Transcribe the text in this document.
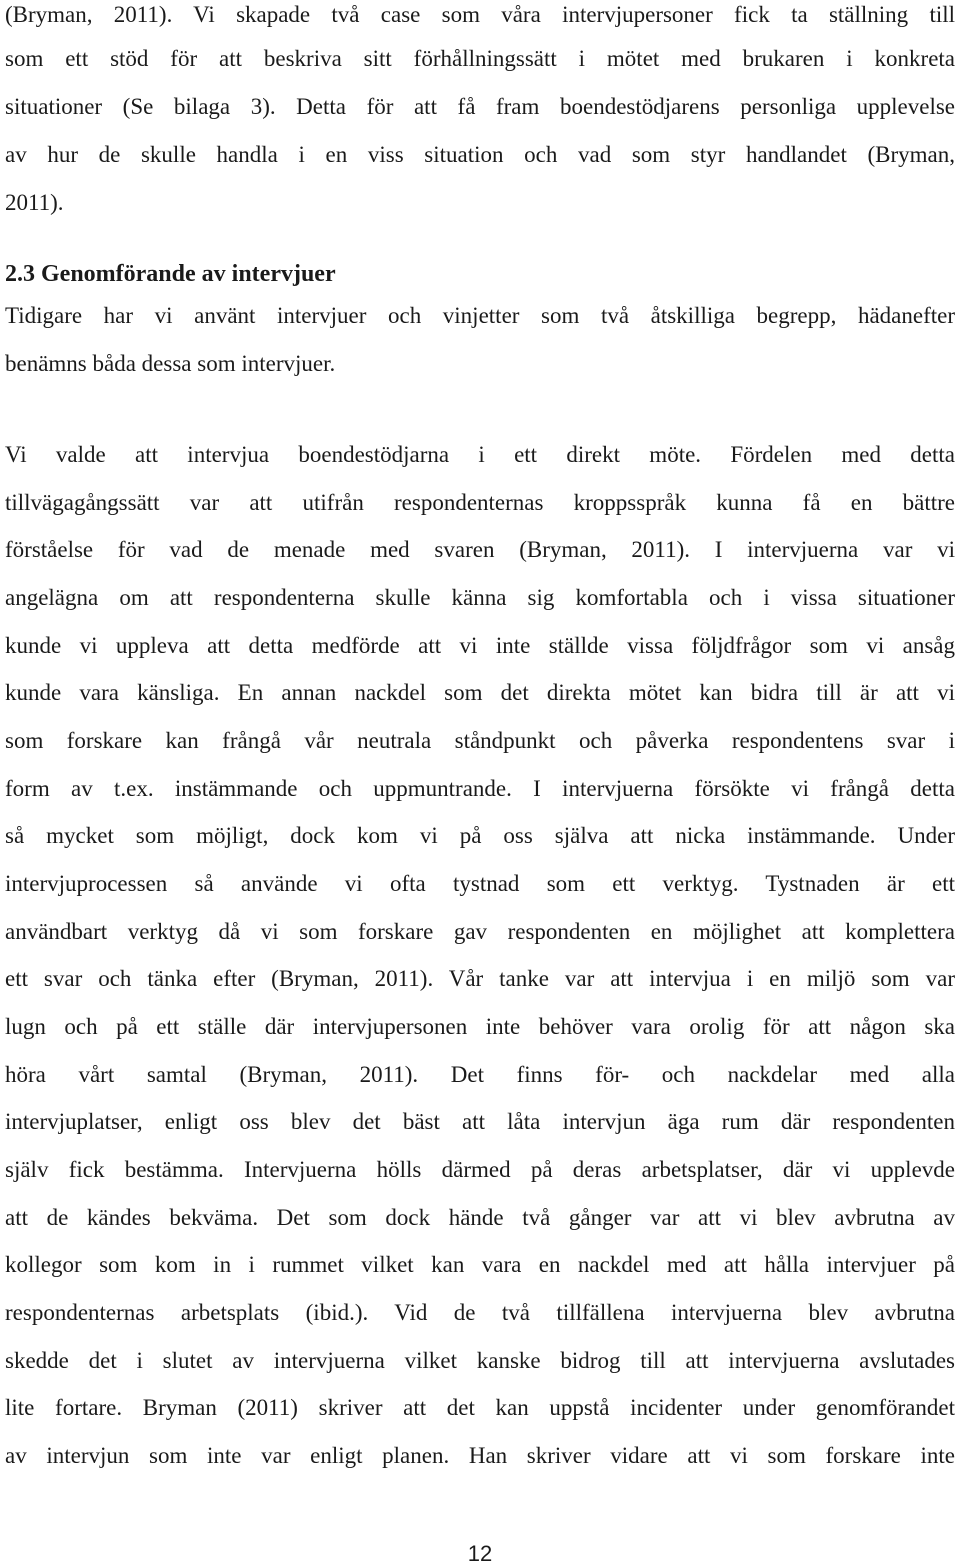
(Bryman, 2011). Vi skapade två case som våra intervjupersoner fick ta ställning till
som ett stöd för att beskriva sitt förhållningssätt i mötet med brukaren i konkreta
situationer (Se bilaga 3). Detta för att få fram boendestödjarens personliga upplevelse
av hur de skulle handla i en viss situation och vad som styr handlandet (Bryman,
2011).
2.3 Genomförande av intervjuer
Tidigare har vi använt intervjuer och vinjetter som två åtskilliga begrepp, hädanefter
benämns båda dessa som intervjuer.
Vi valde att intervjua boendestödjarna i ett direkt möte. Fördelen med detta
tillvägagångssätt var att utifrån respondenternas kroppsspråk kunna få en bättre
förståelse för vad de menade med svaren (Bryman, 2011). I intervjuerna var vi
angelägna om att respondenterna skulle känna sig komfortabla och i vissa situationer
kunde vi uppleva att detta medförde att vi inte ställde vissa följdfrågor som vi ansåg
kunde vara känsliga. En annan nackdel som det direkta mötet kan bidra till är att vi
som forskare kan frångå vår neutrala ståndpunkt och påverka respondentens svar i
form av t.ex. instämmande och uppmuntrande. I intervjuerna försökte vi frångå detta
så mycket som möjligt, dock kom vi på oss själva att nicka instämmande. Under
intervjuprocessen så använde vi ofta tystnad som ett verktyg. Tystnaden är ett
användbart verktyg då vi som forskare gav respondenten en möjlighet att komplettera
ett svar och tänka efter (Bryman, 2011). Vår tanke var att intervjua i en miljö som var
lugn och på ett ställe där intervjupersonen inte behöver vara orolig för att någon ska
höra vårt samtal (Bryman, 2011). Det finns för- och nackdelar med alla
intervjuplatser, enligt oss blev det bäst att låta intervjun äga rum där respondenten
själv fick bestämma. Intervjuerna hölls därmed på deras arbetsplatser, där vi upplevde
att de kändes bekväma. Det som dock hände två gånger var att vi blev avbrutna av
kollegor som kom in i rummet vilket kan vara en nackdel med att hålla intervjuer på
respondenternas arbetsplats (ibid.). Vid de två tillfällena intervjuerna blev avbrutna
skedde det i slutet av intervjuerna vilket kanske bidrog till att intervjuerna avslutades
lite fortare. Bryman (2011) skriver att det kan uppstå incidenter under genomförandet
av intervjun som inte var enligt planen. Han skriver vidare att vi som forskare inte
12
